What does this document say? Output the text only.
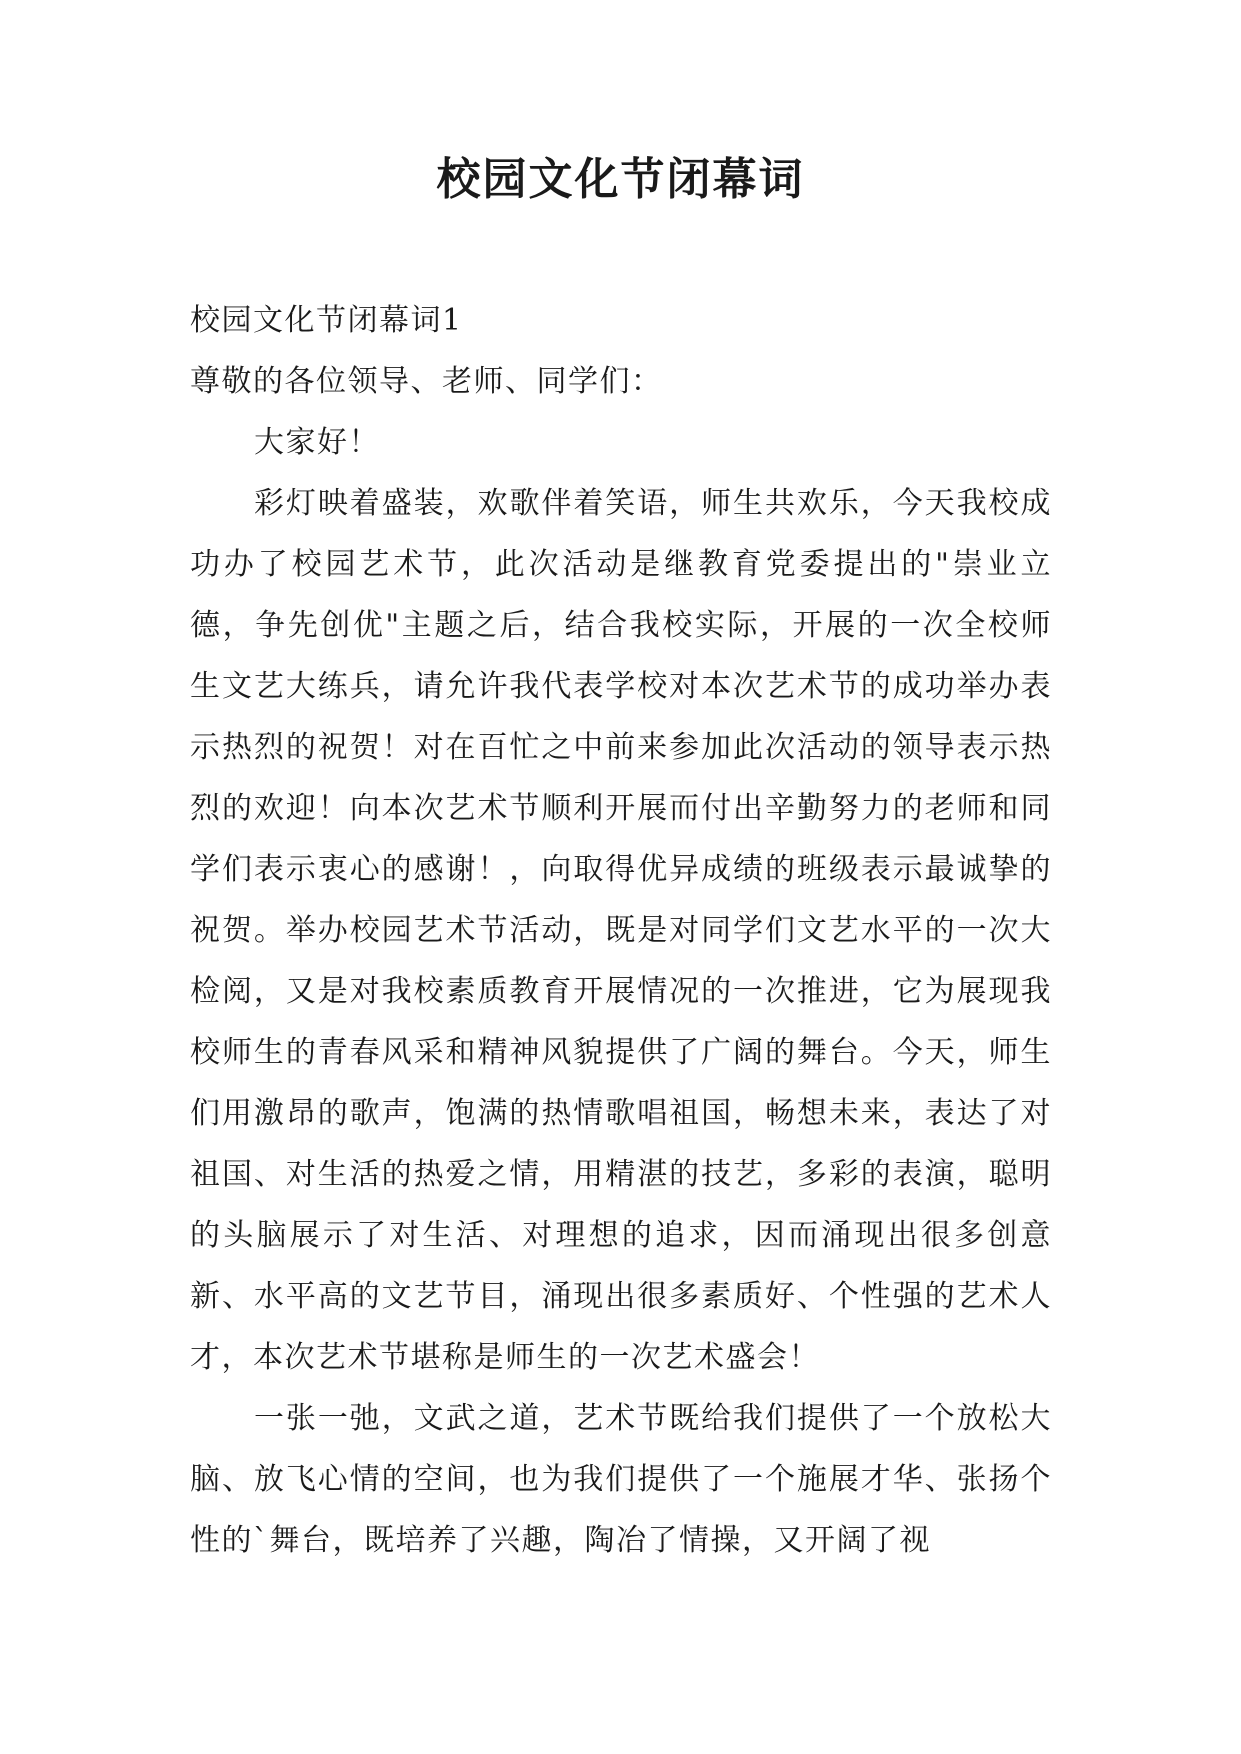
校园文化节闭幕词

校园文化节闭幕词1

尊敬的各位领导、老师、同学们：

大家好！

彩灯映着盛装，欢歌伴着笑语，师生共欢乐，今天我校成功办了校园艺术节，此次活动是继教育党委提出的"崇业立德，争先创优"主题之后，结合我校实际，开展的一次全校师生文艺大练兵，请允许我代表学校对本次艺术节的成功举办表示热烈的祝贺！对在百忙之中前来参加此次活动的领导表示热烈的欢迎！向本次艺术节顺利开展而付出辛勤努力的老师和同学们表示衷心的感谢！，向取得优异成绩的班级表示最诚挚的祝贺。举办校园艺术节活动，既是对同学们文艺水平的一次大检阅，又是对我校素质教育开展情况的一次推进，它为展现我校师生的青春风采和精神风貌提供了广阔的舞台。今天，师生们用激昂的歌声，饱满的热情歌唱祖国，畅想未来，表达了对祖国、对生活的热爱之情，用精湛的技艺，多彩的表演，聪明的头脑展示了对生活、对理想的追求，因而涌现出很多创意新、水平高的文艺节目，涌现出很多素质好、个性强的艺术人才，本次艺术节堪称是师生的一次艺术盛会！

一张一弛，文武之道，艺术节既给我们提供了一个放松大脑、放飞心情的空间，也为我们提供了一个施展才华、张扬个性的`舞台，既培养了兴趣，陶冶了情操，又开阔了视
